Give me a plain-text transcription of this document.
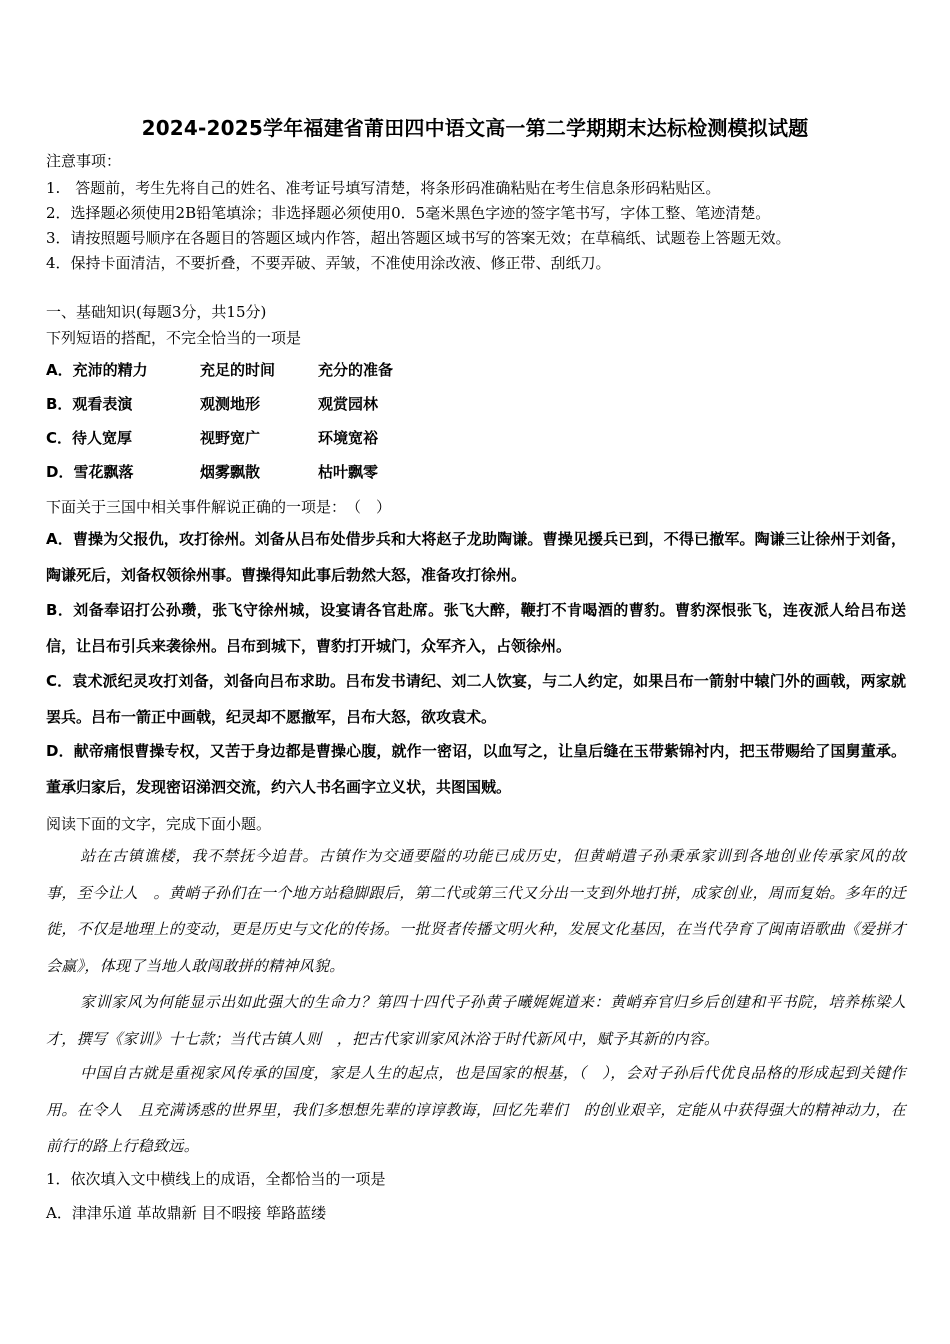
2024-2025学年福建省莆田四中语文高一第二学期期末达标检测模拟试题
注意事项：
1.　答题前，考生先将自己的姓名、准考证号填写清楚，将条形码准确粘贴在考生信息条形码粘贴区。
2．选择题必须使用2B铅笔填涂；非选择题必须使用0．5毫米黑色字迹的签字笔书写，字体工整、笔迹清楚。
3．请按照题号顺序在各题目的答题区域内作答，超出答题区域书写的答案无效；在草稿纸、试题卷上答题无效。
4．保持卡面清洁，不要折叠，不要弄破、弄皱，不准使用涂改液、修正带、刮纸刀。
一、基础知识(每题3分，共15分)
下列短语的搭配，不完全恰当的一项是
A．充沛的精力	充足的时间	充分的准备
B．观看表演	观测地形	观赏园林
C．待人宽厚	视野宽广	环境宽裕
D．雪花飘落	烟雾飘散	枯叶飘零
下面关于三国中相关事件解说正确的一项是：　（　）
A．曹操为父报仇，攻打徐州。刘备从吕布处借步兵和大将赵子龙助陶谦。曹操见援兵已到，不得已撤军。陶谦三让徐州于刘备，陶谦死后，刘备权领徐州事。曹操得知此事后勃然大怒，准备攻打徐州。
B．刘备奉诏打公孙瓒，张飞守徐州城，设宴请各官赴席。张飞大醉，鞭打不肯喝酒的曹豹。曹豹深恨张飞，连夜派人给吕布送信，让吕布引兵来袭徐州。吕布到城下，曹豹打开城门，众军齐入，占领徐州。
C．袁术派纪灵攻打刘备，刘备向吕布求助。吕布发书请纪、刘二人饮宴，与二人约定，如果吕布一箭射中辕门外的画戟，两家就罢兵。吕布一箭正中画戟，纪灵却不愿撤军，吕布大怒，欲攻袁术。
D．献帝痛恨曹操专权，又苦于身边都是曹操心腹，就作一密诏，以血写之，让皇后缝在玉带紫锦衬内，把玉带赐给了国舅董承。董承归家后，发现密诏涕泗交流，约六人书名画字立义状，共图国贼。
阅读下面的文字，完成下面小题。
站在古镇谯楼，我不禁抚今追昔。古镇作为交通要隘的功能已成历史，但黄峭遣子孙秉承家训到各地创业传承家风的故事，至今让人　。黄峭子孙们在一个地方站稳脚跟后，第二代或第三代又分出一支到外地打拼，成家创业，周而复始。多年的迁徙，不仅是地理上的变动，更是历史与文化的传扬。一批贤者传播文明火种，发展文化基因，在当代孕育了闽南语歌曲《爱拼才会赢》，体现了当地人敢闯敢拼的精神风貌。
家训家风为何能显示出如此强大的生命力？第四十四代子孙黄子曦娓娓道来：黄峭弃官归乡后创建和平书院，培养栋梁人才，撰写《家训》十七款；当代古镇人则　，把古代家训家风沐浴于时代新风中，赋予其新的内容。
中国自古就是重视家风传承的国度，家是人生的起点，也是国家的根基，（　），会对子孙后代优良品格的形成起到关键作用。在令人　且充满诱惑的世界里，我们多想想先辈的谆谆教诲，回忆先辈们　的创业艰辛，定能从中获得强大的精神动力，在前行的路上行稳致远。
1．依次填入文中横线上的成语，全都恰当的一项是
A．津津乐道 革故鼎新 目不暇接 筚路蓝缕
